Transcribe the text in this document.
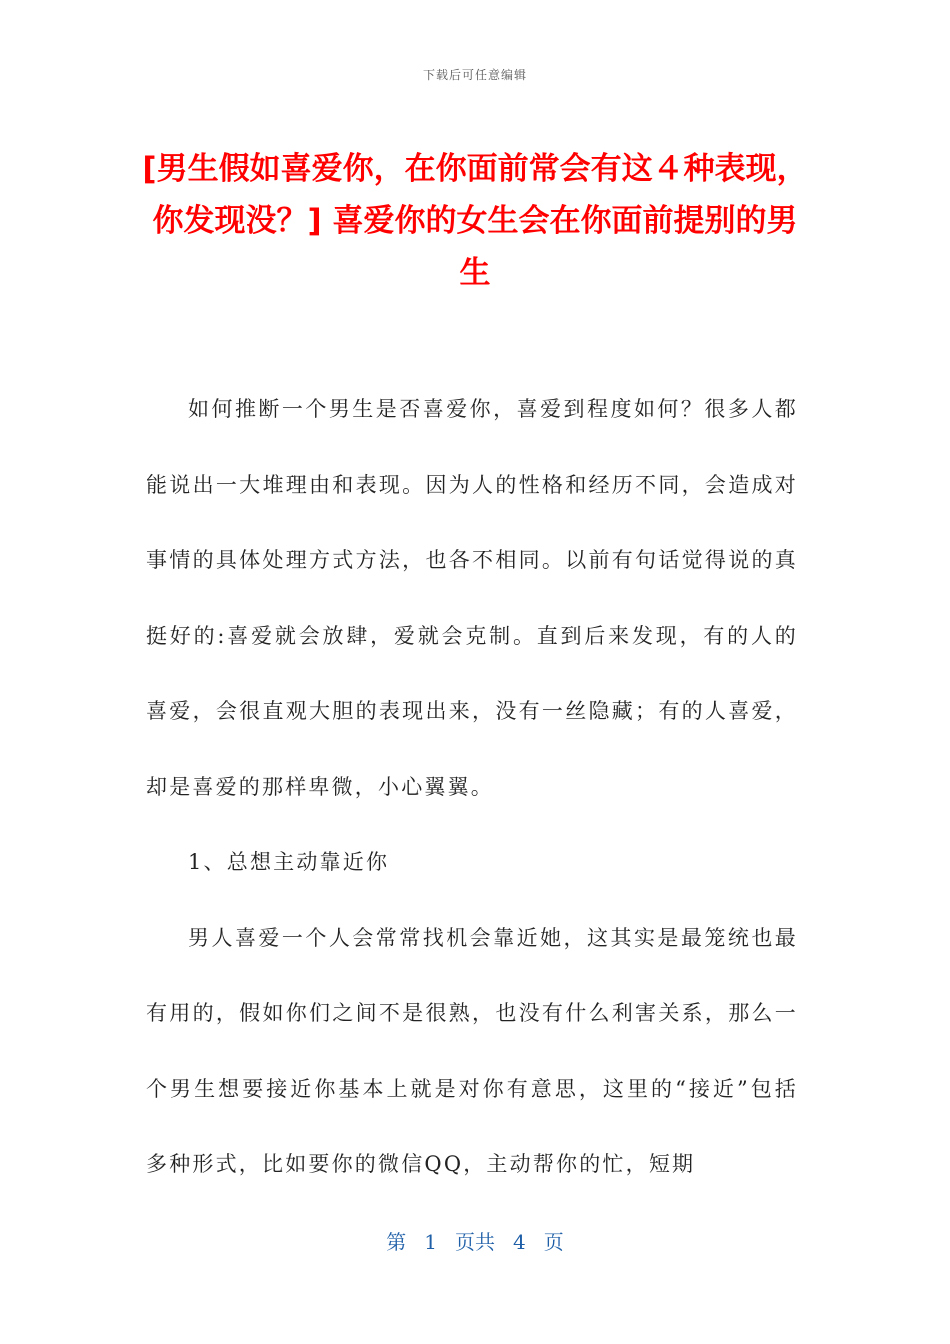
下载后可任意编辑
[男生假如喜爱你，在你面前常会有这４种表现，你发现没？] 喜爱你的女生会在你面前提别的男生

如何推断一个男生是否喜爱你，喜爱到程度如何？很多人都能说出一大堆理由和表现。因为人的性格和经历不同，会造成对事情的具体处理方式方法，也各不相同。以前有句话觉得说的真挺好的:喜爱就会放肆，爱就会克制。直到后来发现，有的人的喜爱，会很直观大胆的表现出来，没有一丝隐藏；有的人喜爱，却是喜爱的那样卑微，小心翼翼。

1、总想主动靠近你

男人喜爱一个人会常常找机会靠近她，这其实是最笼统也最有用的，假如你们之间不是很熟，也没有什么利害关系，那么一个男生想要接近你基本上就是对你有意思，这里的“接近”包括多种形式，比如要你的微信QQ，主动帮你的忙，短期

第 1 页共 4 页
